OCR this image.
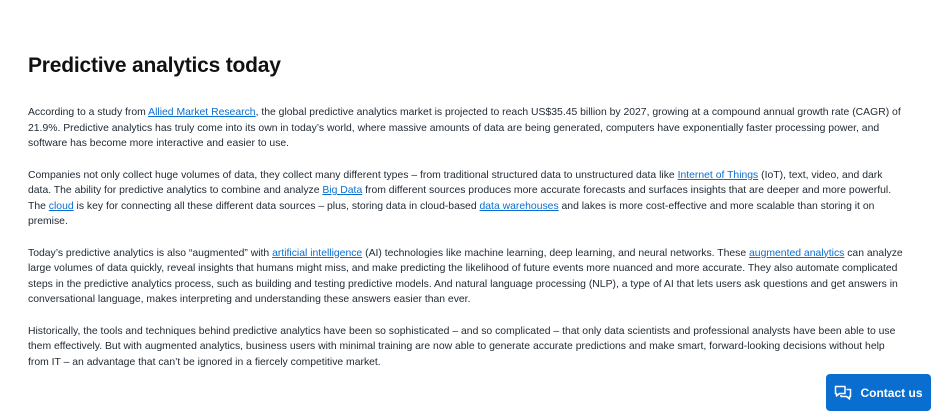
Predictive analytics today

According to a study from Allied Market Research, the global predictive analytics market is projected to reach US$35.45 billion by 2027, growing at a compound annual growth rate (CAGR) of 21.9%. Predictive analytics has truly come into its own in today’s world, where massive amounts of data are being generated, computers have exponentially faster processing power, and software has become more interactive and easier to use.

Companies not only collect huge volumes of data, they collect many different types – from traditional structured data to unstructured data like Internet of Things (IoT), text, video, and dark data. The ability for predictive analytics to combine and analyze Big Data from different sources produces more accurate forecasts and surfaces insights that are deeper and more powerful. The cloud is key for connecting all these different data sources – plus, storing data in cloud-based data warehouses and lakes is more cost-effective and more scalable than storing it on premise.

Today’s predictive analytics is also “augmented” with artificial intelligence (AI) technologies like machine learning, deep learning, and neural networks. These augmented analytics can analyze large volumes of data quickly, reveal insights that humans might miss, and make predicting the likelihood of future events more nuanced and more accurate. They also automate complicated steps in the predictive analytics process, such as building and testing predictive models. And natural language processing (NLP), a type of AI that lets users ask questions and get answers in conversational language, makes interpreting and understanding these answers easier than ever.

Historically, the tools and techniques behind predictive analytics have been so sophisticated – and so complicated – that only data scientists and professional analysts have been able to use them effectively. But with augmented analytics, business users with minimal training are now able to generate accurate predictions and make smart, forward-looking decisions without help from IT – an advantage that can’t be ignored in a fiercely competitive market.

Contact us
